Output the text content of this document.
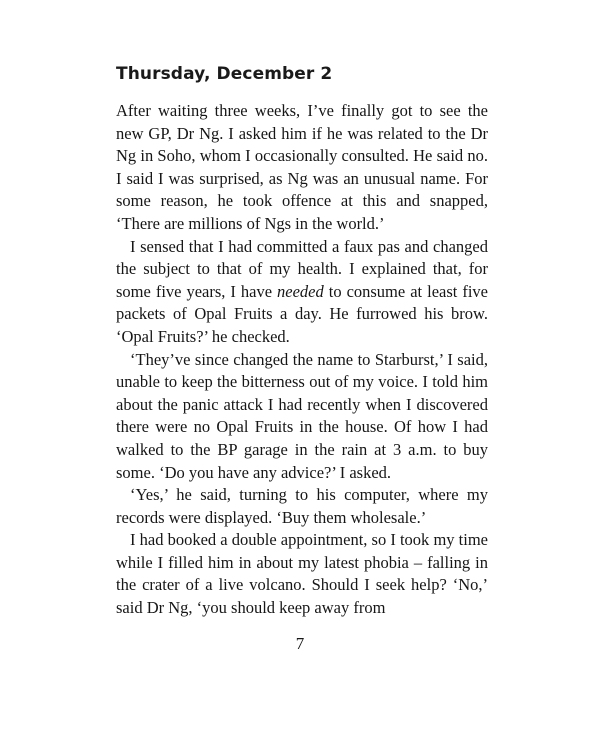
Thursday, December 2

After waiting three weeks, I’ve finally got to see the new GP, Dr Ng. I asked him if he was related to the Dr Ng in Soho, whom I occasionally consulted. He said no. I said I was surprised, as Ng was an unusual name. For some reason, he took offence at this and snapped, ‘There are millions of Ngs in the world.’

I sensed that I had committed a faux pas and changed the subject to that of my health. I explained that, for some five years, I have needed to consume at least five packets of Opal Fruits a day. He furrowed his brow. ‘Opal Fruits?’ he checked.

‘They’ve since changed the name to Starburst,’ I said, unable to keep the bitterness out of my voice. I told him about the panic attack I had recently when I discovered there were no Opal Fruits in the house. Of how I had walked to the BP garage in the rain at 3 a.m. to buy some. ‘Do you have any advice?’ I asked.

‘Yes,’ he said, turning to his computer, where my records were displayed. ‘Buy them wholesale.’

I had booked a double appointment, so I took my time while I filled him in about my latest phobia – falling in the crater of a live volcano. Should I seek help? ‘No,’ said Dr Ng, ‘you should keep away from

7
